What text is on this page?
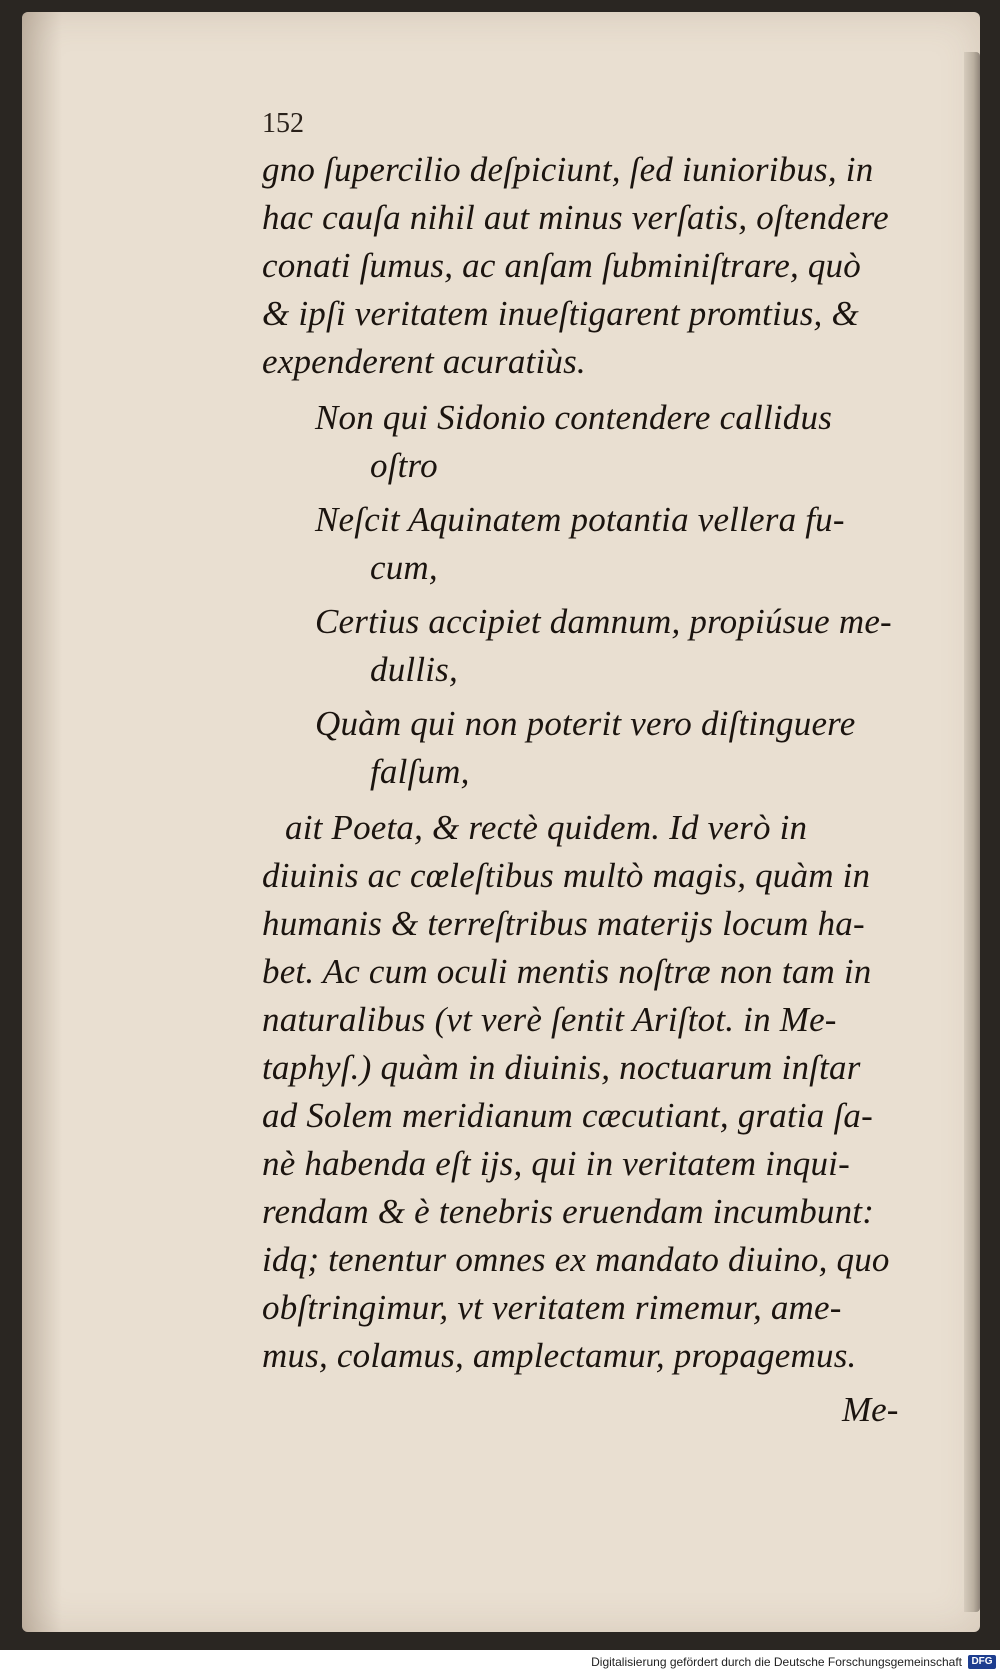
152
gno ſupercilio deſpiciunt, ſed iunioribus, in
hac cauſa nihil aut minus verſatis, oſtendere
conati ſumus, ac anſam ſubminiſtrare, quò
& ipſi veritatem inueſtigarent promtius, &
expenderent acuratiùs.
Non qui Sidonio contendere callidus
oſtro
Neſcit Aquinatem potantia vellera fu-
cum,
Certius accipiet damnum, propiúsue me-
dullis,
Quàm qui non poterit vero diſtinguere
falſum,
ait Poeta, & rectè quidem. Id verò in
diuinis ac cœleſtibus multò magis, quàm in
humanis & terreſtribus materijs locum ha-
bet. Ac cum oculi mentis noſtræ non tam in
naturalibus (vt verè ſentit Ariſtot. in Me-
taphyſ.) quàm in diuinis, noctuarum inſtar
ad Solem meridianum cæcutiant, gratia ſa-
nè habenda eſt ijs, qui in veritatem inqui-
rendam & è tenebris eruendam incumbunt:
idq; tenentur omnes ex mandato diuino, quo
obſtringimur, vt veritatem rimemur, ame-
mus, colamus, amplectamur, propagemus.
Me-
Digitalisierung gefördert durch die Deutsche Forschungsgemeinschaft DFG
